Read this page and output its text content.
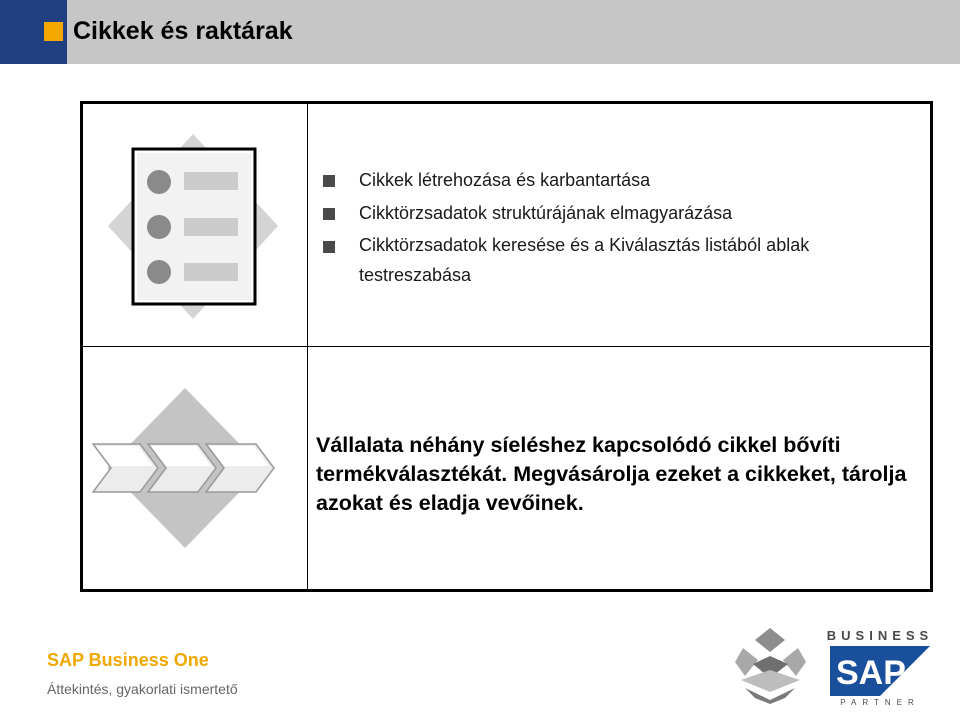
Cikkek és raktárak
Cikkek létrehozása és karbantartása
Cikktörzsadatok struktúrájának elmagyarázása
Cikktörzsadatok keresése és a Kiválasztás listából ablak
testreszabása
Vállalata néhány síeléshez kapcsolódó cikkel bővíti termékválasztékát. Megvásárolja ezeket a cikkeket, tárolja azokat és eladja vevőinek.
SAP Business One
Áttekintés, gyakorlati ismertető
BUSINESS
SAP
PARTNER
